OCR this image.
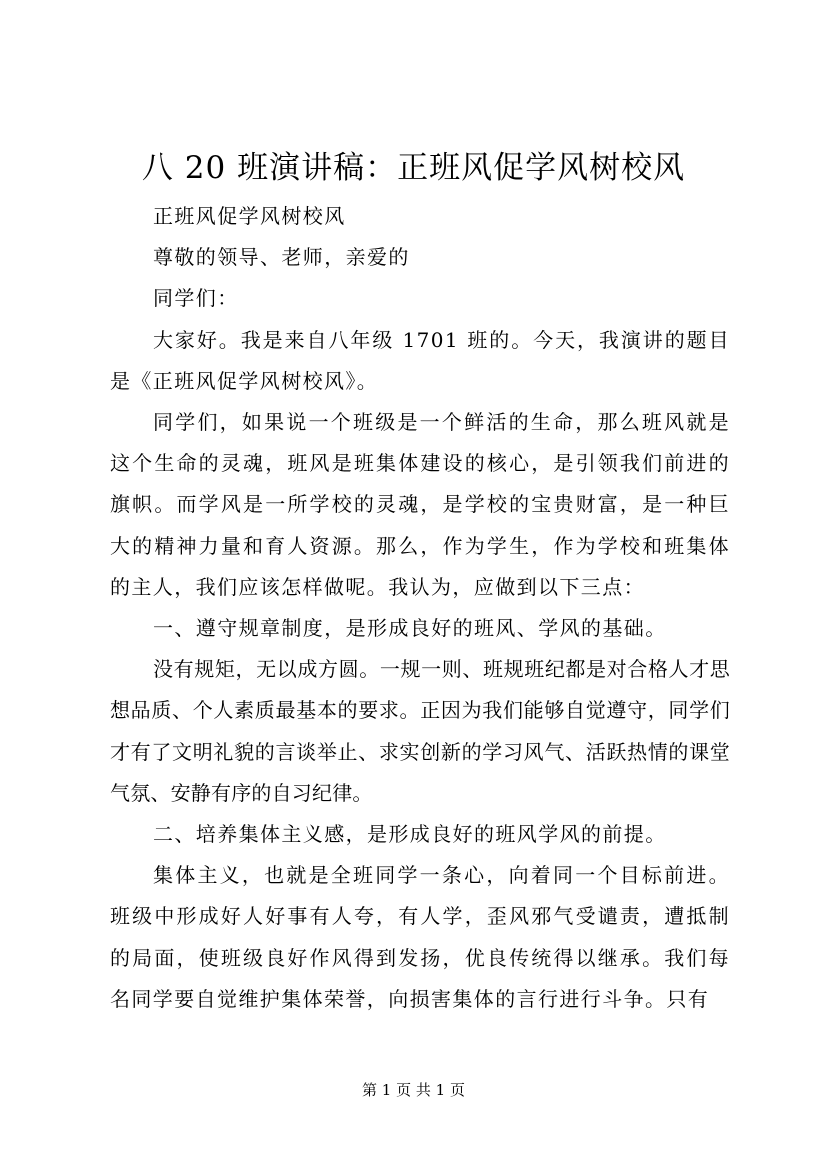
八 20 班演讲稿：正班风促学风树校风

正班风促学风树校风

尊敬的领导、老师，亲爱的

同学们：

大家好。我是来自八年级 1701 班的。今天，我演讲的题目是《正班风促学风树校风》。

同学们，如果说一个班级是一个鲜活的生命，那么班风就是这个生命的灵魂，班风是班集体建设的核心，是引领我们前进的旗帜。而学风是一所学校的灵魂，是学校的宝贵财富，是一种巨大的精神力量和育人资源。那么，作为学生，作为学校和班集体的主人，我们应该怎样做呢。我认为，应做到以下三点：

一、遵守规章制度，是形成良好的班风、学风的基础。

没有规矩，无以成方圆。一规一则、班规班纪都是对合格人才思想品质、个人素质最基本的要求。正因为我们能够自觉遵守，同学们才有了文明礼貌的言谈举止、求实创新的学习风气、活跃热情的课堂气氛、安静有序的自习纪律。

二、培养集体主义感，是形成良好的班风学风的前提。

集体主义，也就是全班同学一条心，向着同一个目标前进。班级中形成好人好事有人夸，有人学，歪风邪气受谴责，遭抵制的局面，使班级良好作风得到发扬，优良传统得以继承。我们每名同学要自觉维护集体荣誉，向损害集体的言行进行斗争。只有

第 1 页 共 1 页
